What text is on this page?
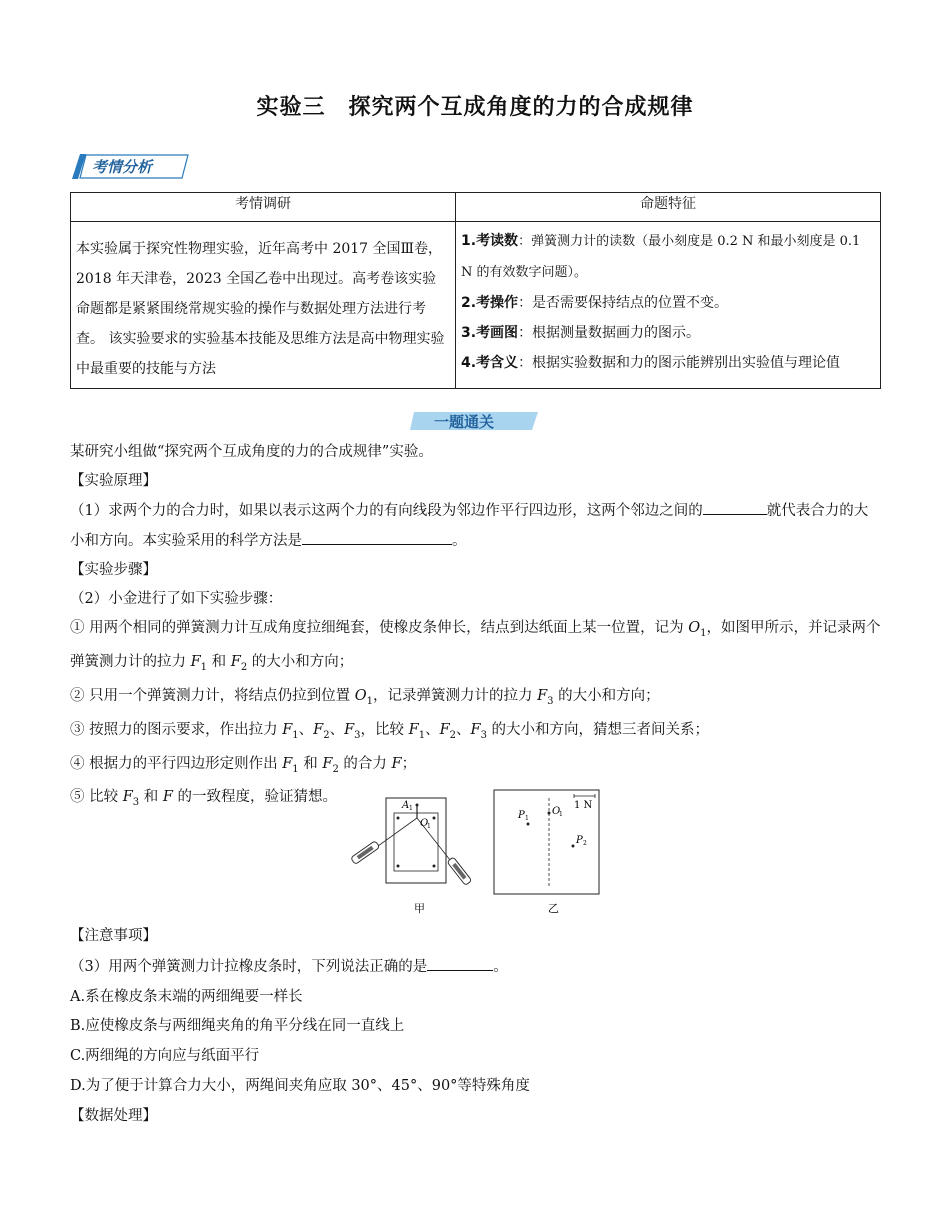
实验三　探究两个互成角度的力的合成规律
考情分析
考情调研	命题特征
本实验属于探究性物理实验，近年高考中 2017 全国Ⅲ卷，2018 年天津卷，2023 全国乙卷中出现过。高考卷该实验命题都是紧紧围绕常规实验的操作与数据处理方法进行考查。 该实验要求的实验基本技能及思维方法是高中物理实验中最重要的技能与方法	1.考读数：弹簧测力计的读数（最小刻度是 0.2 N 和最小刻度是 0.1 N 的有效数字问题）。
2.考操作：是否需要保持结点的位置不变。
3.考画图：根据测量数据画力的图示。
4.考含义：根据实验数据和力的图示能辨别出实验值与理论值
一题通关

某研究小组做“探究两个互成角度的力的合成规律”实验。

【实验原理】

（1）求两个力的合力时，如果以表示这两个力的有向线段为邻边作平行四边形，这两个邻边之间的	就代表合力的大小和方向。本实验采用的科学方法是	。

【实验步骤】

（2）小金进行了如下实验步骤：

① 用两个相同的弹簧测力计互成角度拉细绳套，使橡皮条伸长，结点到达纸面上某一位置，记为 $O_1$，如图甲所示，并记录两个弹簧测力计的拉力 $F_1$ 和 $F_2$ 的大小和方向；

② 只用一个弹簧测力计，将结点仍拉到位置 $O_1$，记录弹簧测力计的拉力 $F_3$ 的大小和方向；

③ 按照力的图示要求，作出拉力 $F_1$、$F_2$、$F_3$，比较 $F_1$、$F_2$、$F_3$ 的大小和方向，猜想三者间关系；

④ 根据力的平行四边形定则作出 $F_1$ 和 $F_2$ 的合力 F；

⑤ 比较 $F_3$ 和 F 的一致程度，验证猜想。

A 1
O
1
甲
O
1
P 1
P 2
1 N
乙

【注意事项】

（3）用两个弹簧测力计拉橡皮条时，下列说法正确的是	。

A.系在橡皮条末端的两细绳要一样长

B.应使橡皮条与两细绳夹角的角平分线在同一直线上

C.两细绳的方向应与纸面平行

D.为了便于计算合力大小，两绳间夹角应取 30°、45°、90°等特殊角度

【数据处理】
